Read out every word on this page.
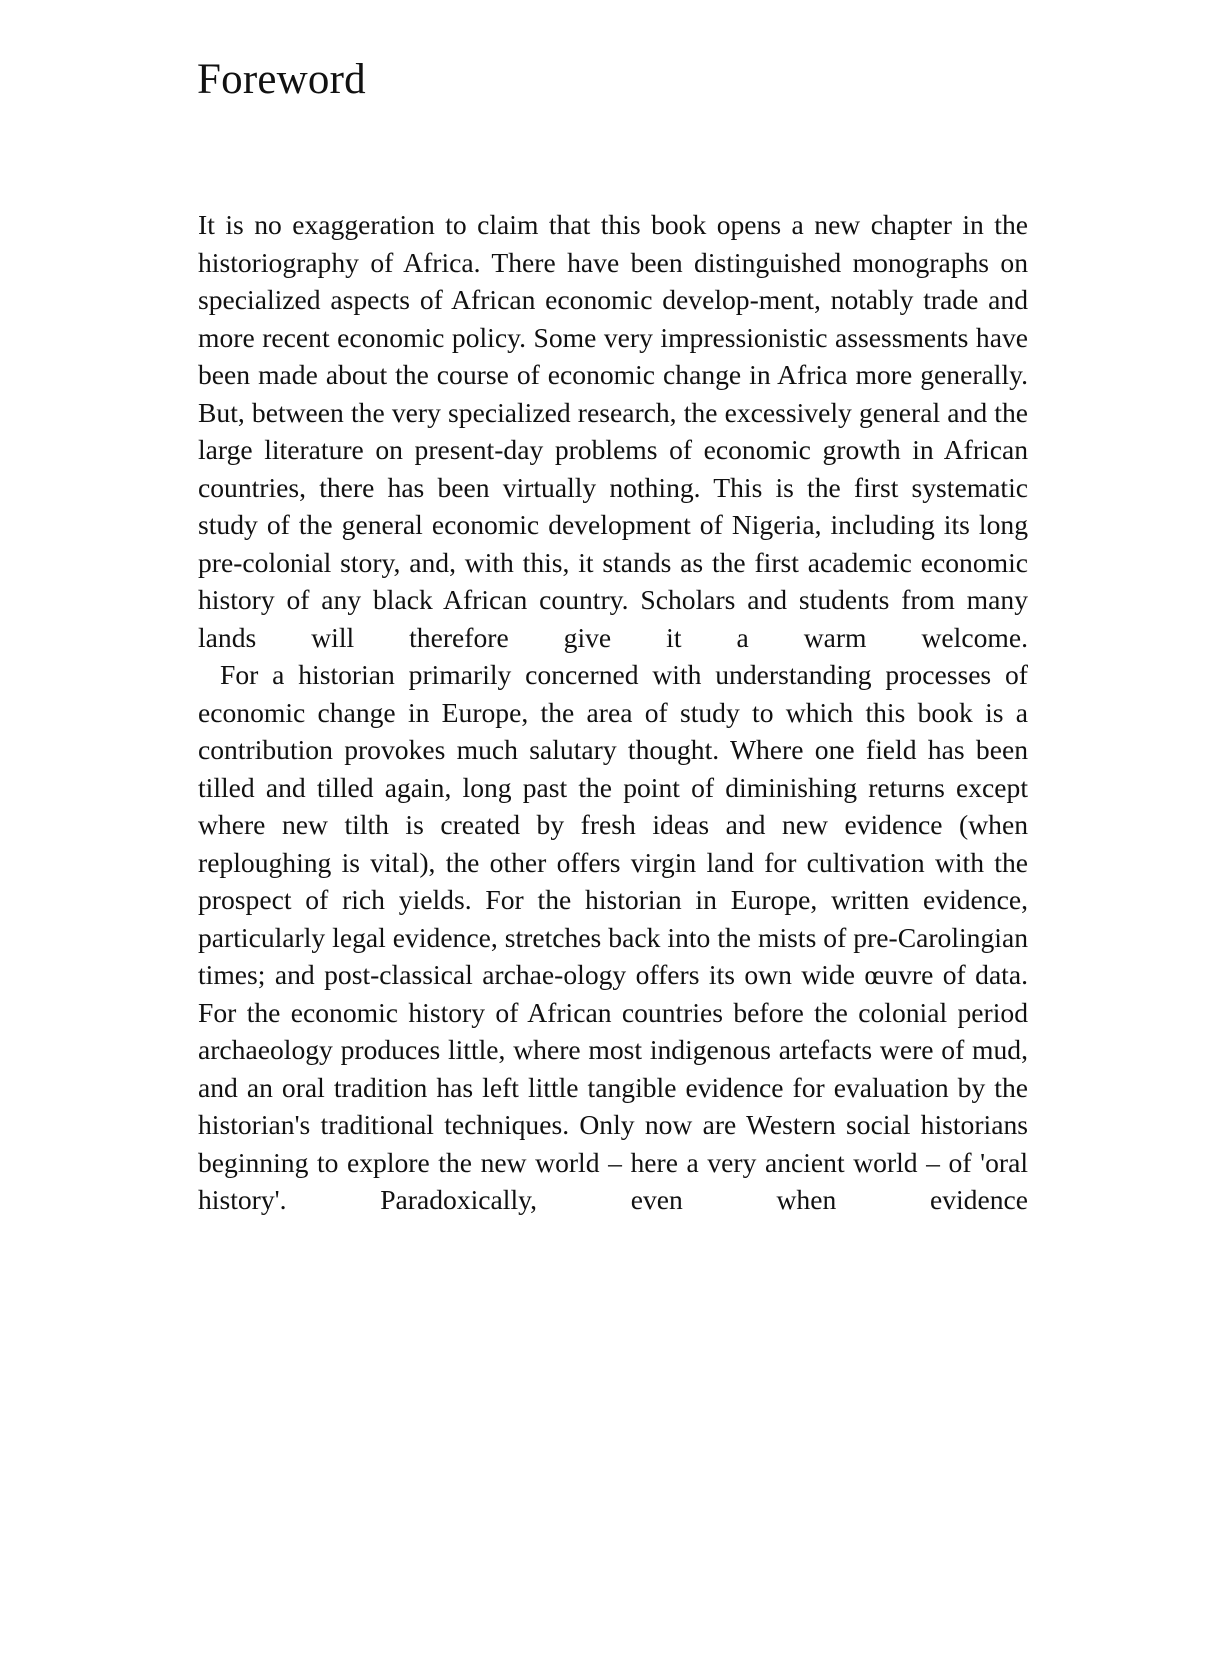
Foreword

It is no exaggeration to claim that this book opens a new chapter in the historiography of Africa. There have been distinguished monographs on specialized aspects of African economic develop-ment, notably trade and more recent economic policy. Some very impressionistic assessments have been made about the course of economic change in Africa more generally. But, between the very specialized research, the excessively general and the large literature on present-day problems of economic growth in African countries, there has been virtually nothing. This is the first systematic study of the general economic development of Nigeria, including its long pre-colonial story, and, with this, it stands as the first academic economic history of any black African country. Scholars and students from many lands will therefore give it a warm welcome.

For a historian primarily concerned with understanding processes of economic change in Europe, the area of study to which this book is a contribution provokes much salutary thought. Where one field has been tilled and tilled again, long past the point of diminishing returns except where new tilth is created by fresh ideas and new evidence (when reploughing is vital), the other offers virgin land for cultivation with the prospect of rich yields. For the historian in Europe, written evidence, particularly legal evidence, stretches back into the mists of pre-Carolingian times; and post-classical archae-ology offers its own wide œuvre of data. For the economic history of African countries before the colonial period archaeology produces little, where most indigenous artefacts were of mud, and an oral tradition has left little tangible evidence for evaluation by the historian's traditional techniques. Only now are Western social historians beginning to explore the new world – here a very ancient world – of 'oral history'. Paradoxically, even when evidence
